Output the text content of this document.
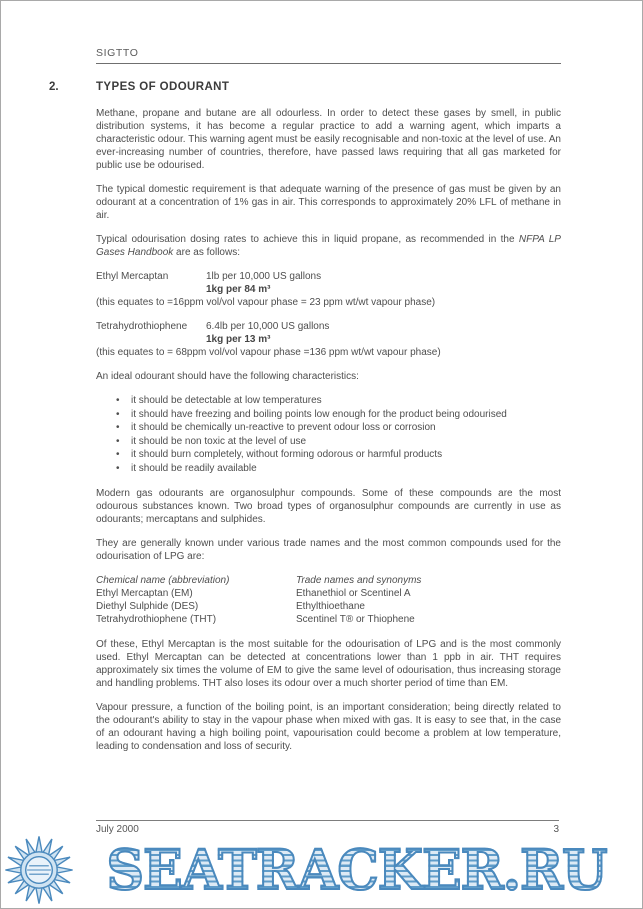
SIGTTO
2.	TYPES OF ODOURANT

Methane, propane and butane are all odourless. In order to detect these gases by smell, in public distribution systems, it has become a regular practice to add a warning agent, which imparts a characteristic odour. This warning agent must be easily recognisable and non-toxic at the level of use. An ever-increasing number of countries, therefore, have passed laws requiring that all gas marketed for public use be odourised.

The typical domestic requirement is that adequate warning of the presence of gas must be given by an odourant at a concentration of 1% gas in air. This corresponds to approximately 20% LFL of methane in air.

Typical odourisation dosing rates to achieve this in liquid propane, as recommended in the NFPA LP Gases Handbook are as follows:

Ethyl Mercaptan	1lb per 10,000 US gallons
1kg per 84 m³
(this equates to =16ppm vol/vol vapour phase = 23 ppm wt/wt vapour phase)
Tetrahydrothiophene	6.4lb per 10,000 US gallons
1kg per 13 m³
(this equates to = 68ppm vol/vol vapour phase =136 ppm wt/wt vapour phase)

An ideal odourant should have the following characteristics:

• it should be detectable at low temperatures
• it should have freezing and boiling points low enough for the product being odourised
• it should be chemically un-reactive to prevent odour loss or corrosion
• it should be non toxic at the level of use
• it should burn completely, without forming odorous or harmful products
• it should be readily available

Modern gas odourants are organosulphur compounds. Some of these compounds are the most odourous substances known. Two broad types of organosulphur compounds are currently in use as odourants; mercaptans and sulphides.

They are generally known under various trade names and the most common compounds used for the odourisation of LPG are:

Chemical name (abbreviation)	Trade names and synonyms
Ethyl Mercaptan (EM)	Ethanethiol or Scentinel A
Diethyl Sulphide (DES)	Ethylthioethane
Tetrahydrothiophene (THT)	Scentinel T® or Thiophene

Of these, Ethyl Mercaptan is the most suitable for the odourisation of LPG and is the most commonly used. Ethyl Mercaptan can be detected at concentrations lower than 1 ppb in air. THT requires approximately six times the volume of EM to give the same level of odourisation, thus increasing storage and handling problems. THT also loses its odour over a much shorter period of time than EM.

Vapour pressure, a function of the boiling point, is an important consideration; being directly related to the odourant's ability to stay in the vapour phase when mixed with gas. It is easy to see that, in the case of an odourant having a high boiling point, vapourisation could become a problem at low temperature, leading to condensation and loss of security.

July 2000	3
SEATRACKER.RU
